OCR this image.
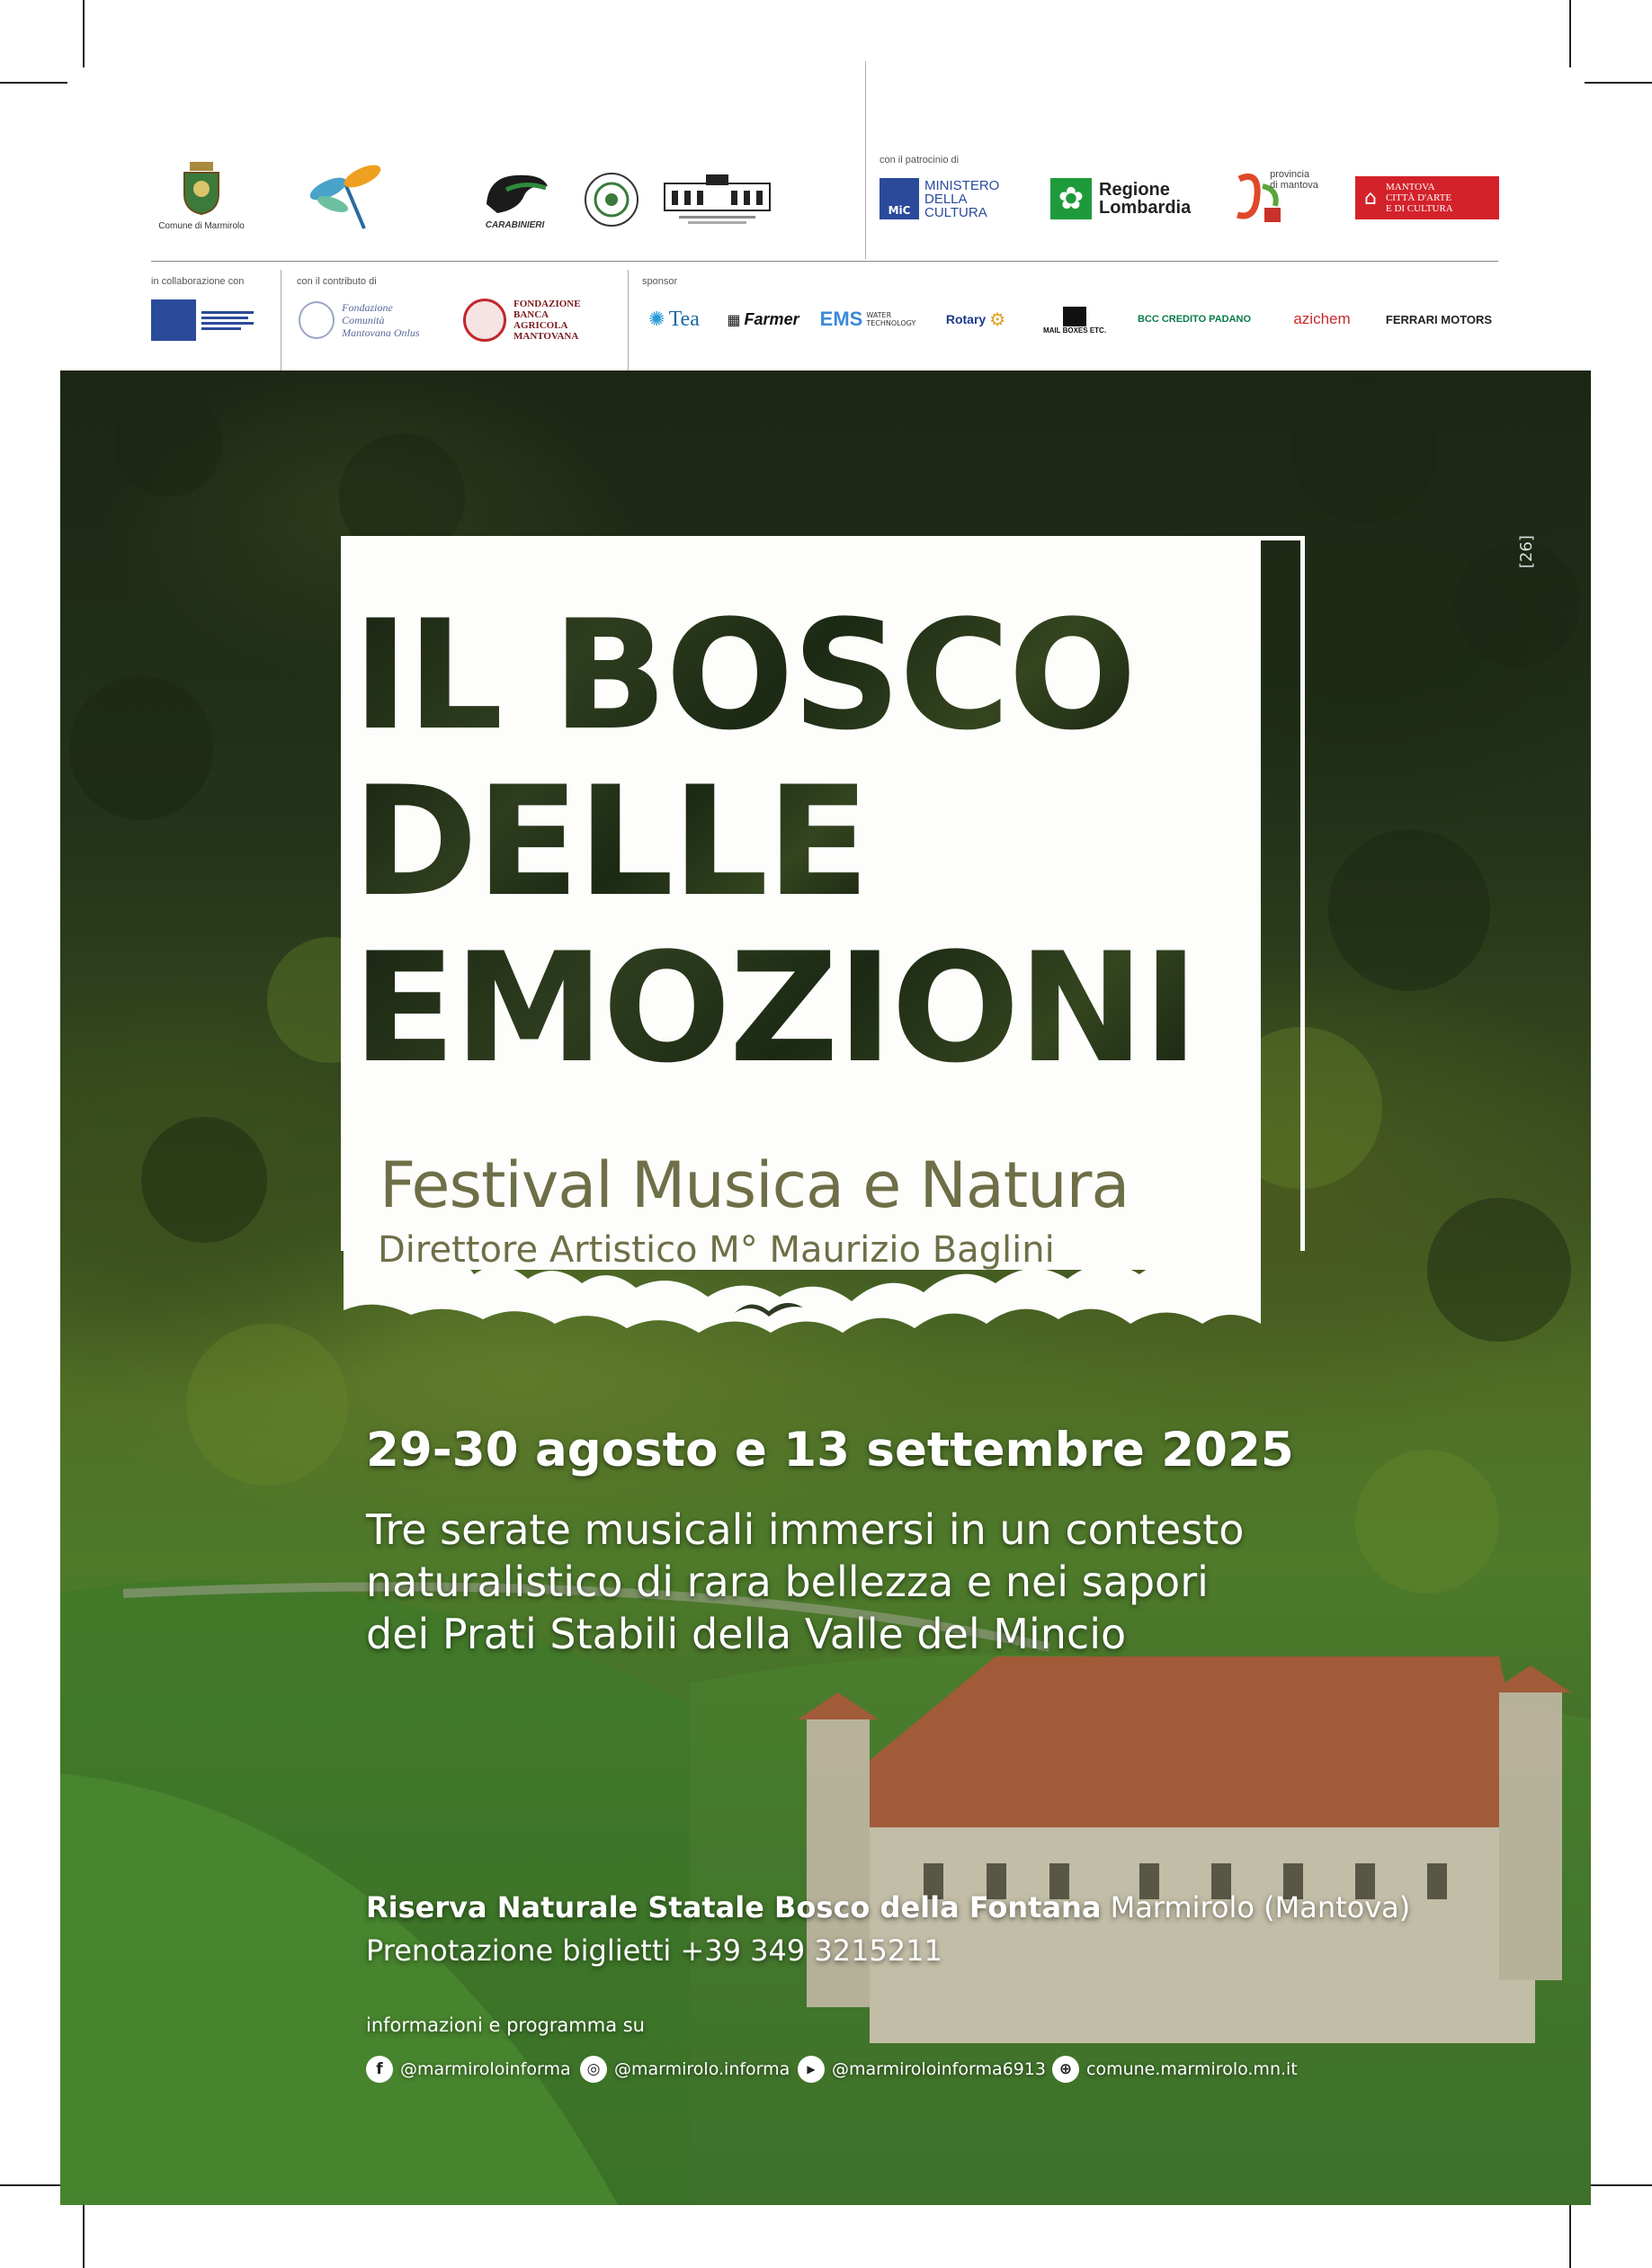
Comune di Marmirolo	CARABINIERI
con il patrocinio di
MiC
MINISTERO
DELLA
CULTURA	✿ Regione
Lombardia
provincia
di mantova
⌂ MANTOVA
CITTÀ D'ARTE
E DI CULTURA
in collaborazione con	con il contributo di	sponsor
Fondazione Comunità
Mantovana Onlus
FONDAZIONE
BANCA
AGRICOLA
MANTOVANA
✺ Tea ▦ Farmer EMS WATER
TECHNOLOGY Rotary ⚙	MAIL BOXES ETC.
BCC CREDITO PADANO	azichem	FERRARI MOTORS
IL BOSCO
DELLE
EMOZIONI
Festival Musica e Natura
Direttore Artistico M° Maurizio Baglini
[26]
29-30 agosto e 13 settembre 2025
Tre serate musicali immersi in un contesto
naturalistico di rara bellezza e nei sapori
dei Prati Stabili della Valle del Mincio
Riserva Naturale Statale Bosco della Fontana Marmirolo (Mantova)
Prenotazione biglietti +39 349 3215211
informazioni e programma su
f	@marmiroloinforma	◎ @marmirolo.informa	▶ @marmiroloinforma6913 ⊕ comune.marmirolo.mn.it
